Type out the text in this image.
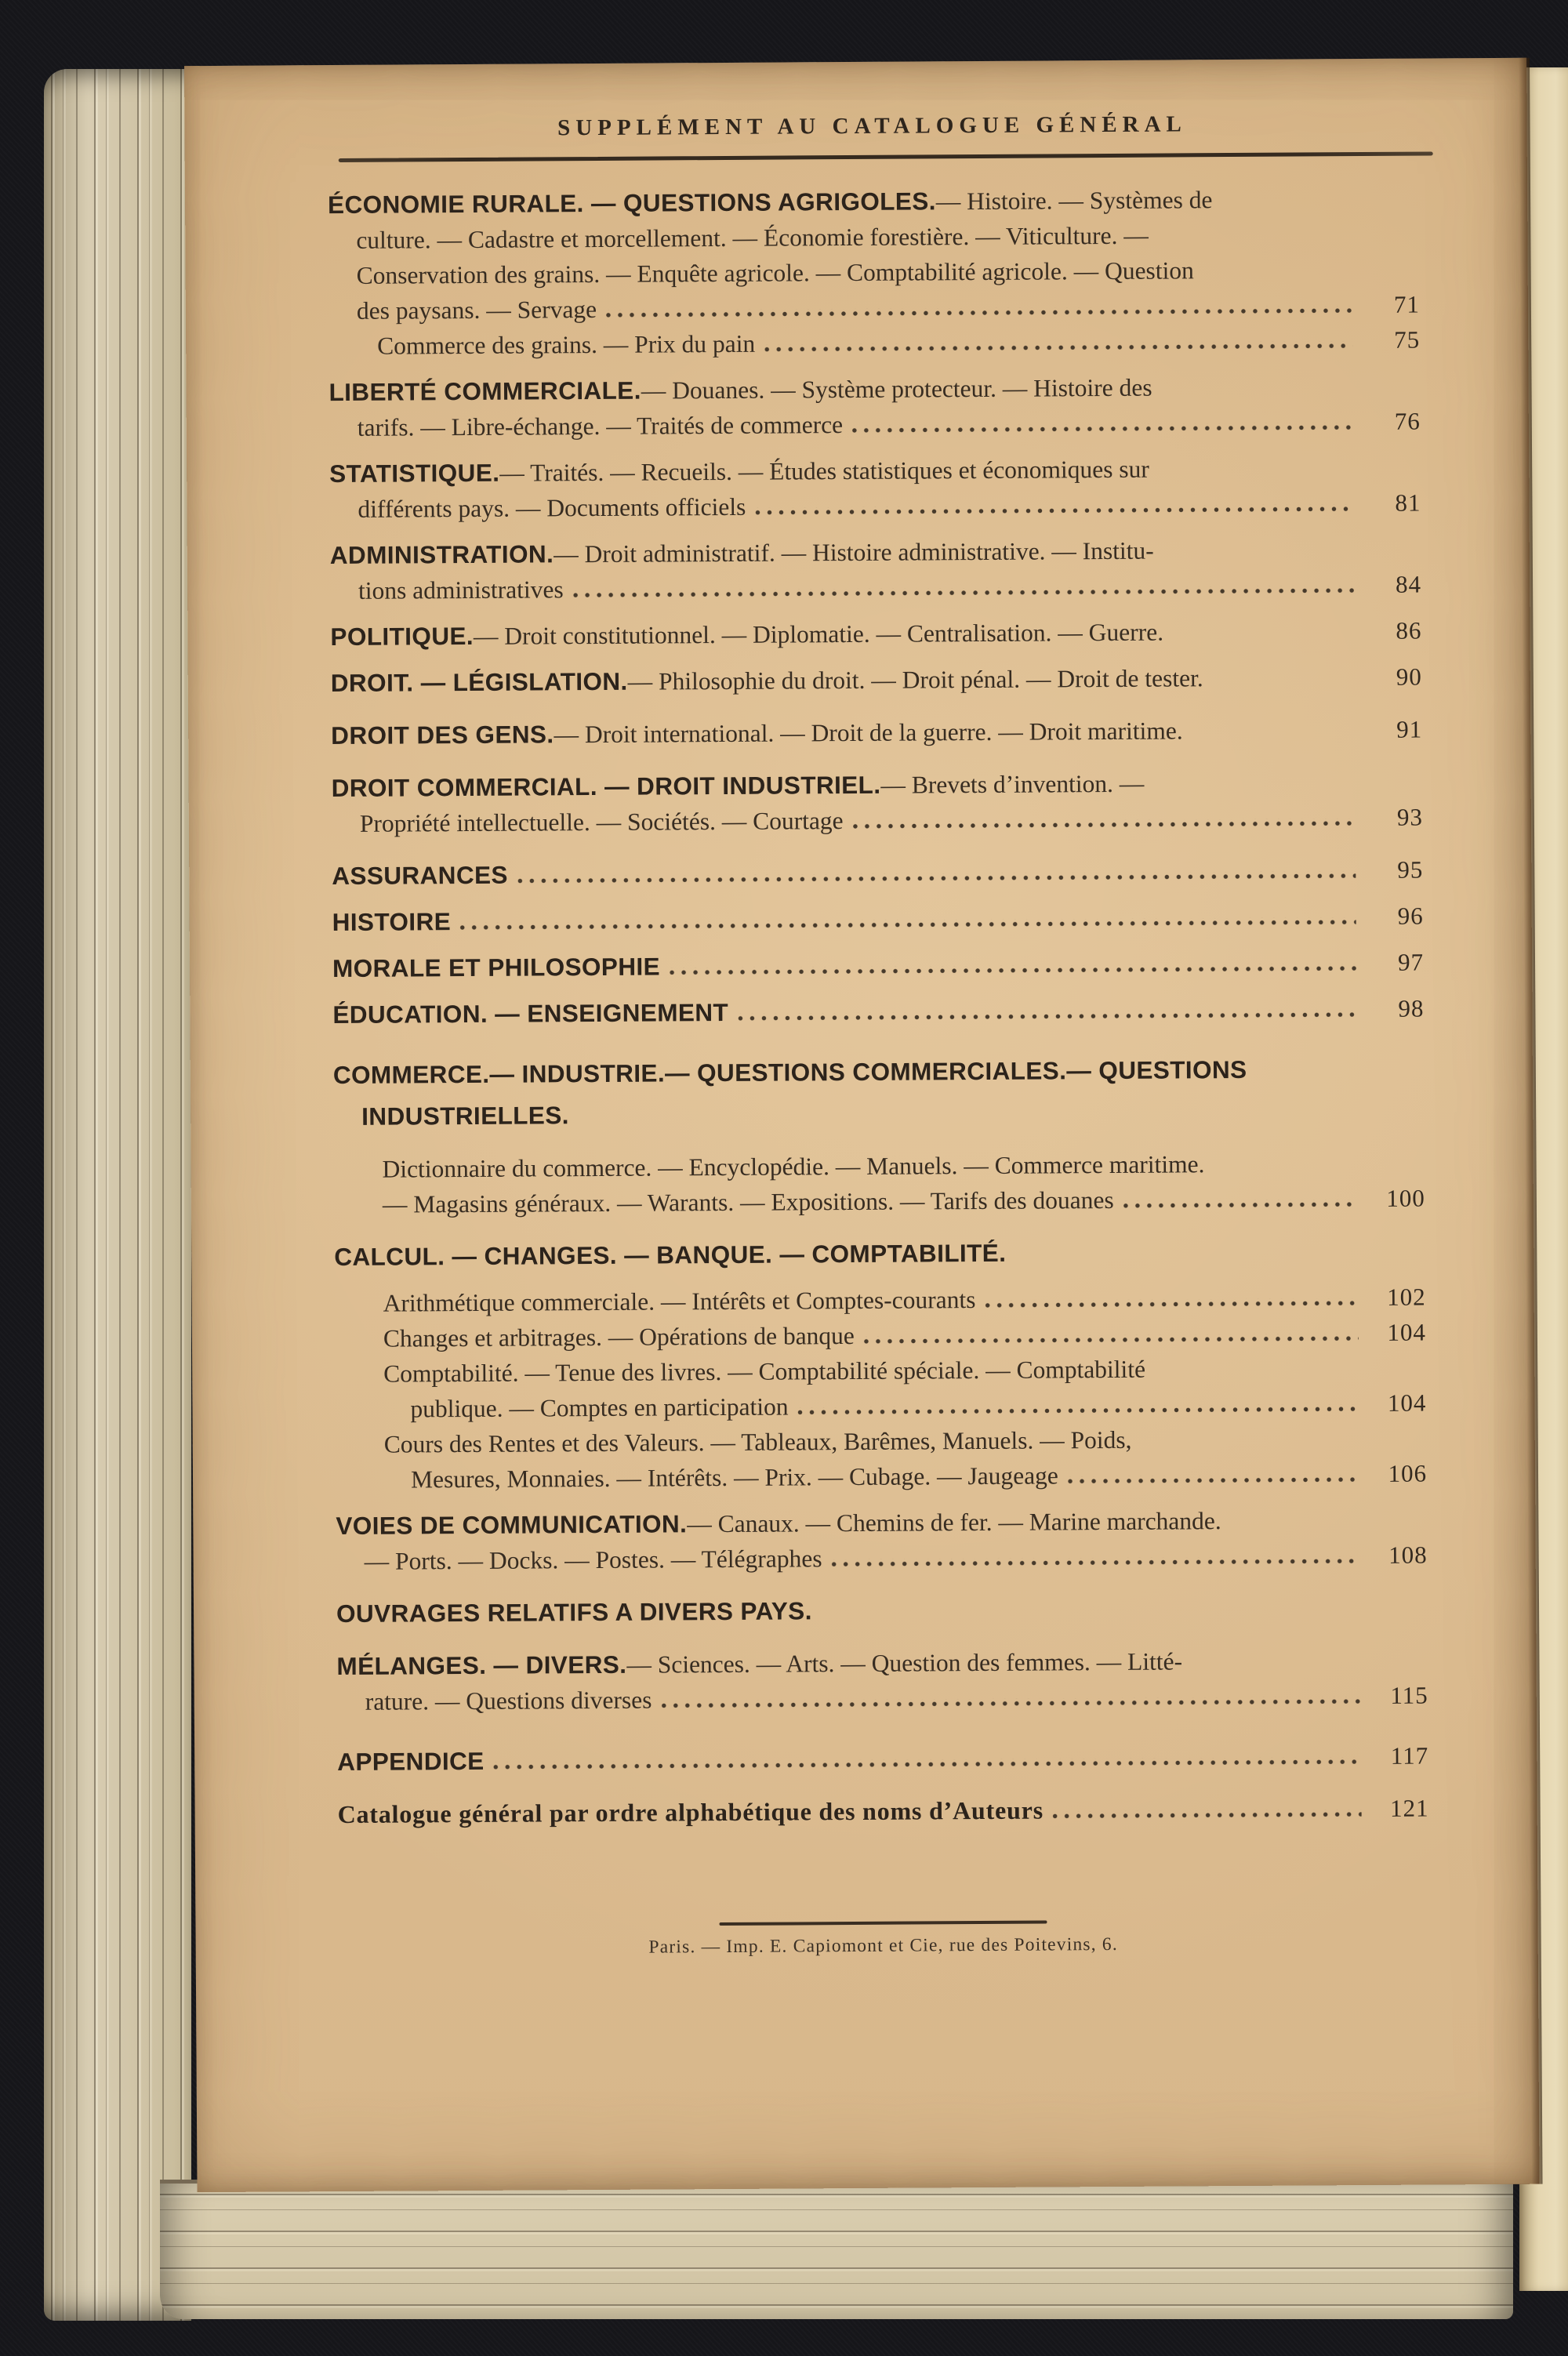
SUPPLÉMENT AU CATALOGUE GÉNÉRAL
ÉCONOMIE RURALE. — QUESTIONS AGRIGOLES. — Histoire. — Systèmes de
culture. — Cadastre et morcellement. — Économie forestière. — Viticulture. —
Conservation des grains. — Enquête agricole. — Comptabilité agricole. — Question
des paysans. — Servage	71
Commerce des grains. — Prix du pain	75
LIBERTÉ COMMERCIALE. — Douanes. — Système protecteur. — Histoire des
tarifs. — Libre-échange. — Traités de commerce	76
STATISTIQUE. — Traités. — Recueils. — Études statistiques et économiques sur
différents pays. — Documents officiels	81
ADMINISTRATION. — Droit administratif. — Histoire administrative. — Institu-
tions administratives	84
POLITIQUE. — Droit constitutionnel. — Diplomatie. — Centralisation. — Guerre.	86
DROIT. — LÉGISLATION. — Philosophie du droit. — Droit pénal. — Droit de tester.	90
DROIT DES GENS. — Droit international. — Droit de la guerre. — Droit maritime.	91
DROIT COMMERCIAL. — DROIT INDUSTRIEL. — Brevets d’invention. —
Propriété intellectuelle. — Sociétés. — Courtage	93
ASSURANCES	95
HISTOIRE	96
MORALE ET PHILOSOPHIE	97
ÉDUCATION. — ENSEIGNEMENT	98
COMMERCE.— INDUSTRIE.— QUESTIONS COMMERCIALES.— QUESTIONS
INDUSTRIELLES.
Dictionnaire du commerce. — Encyclopédie. — Manuels. — Commerce maritime.
— Magasins généraux. — Warants. — Expositions. — Tarifs des douanes	100
CALCUL. — CHANGES. — BANQUE. — COMPTABILITÉ.
Arithmétique commerciale. — Intérêts et Comptes-courants	102
Changes et arbitrages. — Opérations de banque	104
Comptabilité. — Tenue des livres. — Comptabilité spéciale. — Comptabilité
publique. — Comptes en participation	104
Cours des Rentes et des Valeurs. — Tableaux, Barêmes, Manuels. — Poids,
Mesures, Monnaies. — Intérêts. — Prix. — Cubage. — Jaugeage	106
VOIES DE COMMUNICATION. — Canaux. — Chemins de fer. — Marine marchande.
— Ports. — Docks. — Postes. — Télégraphes	108
OUVRAGES RELATIFS A DIVERS PAYS.
MÉLANGES. — DIVERS. — Sciences. — Arts. — Question des femmes. — Litté-
rature. — Questions diverses	115
APPENDICE	117
Catalogue général par ordre alphabétique des noms d’Auteurs	121
Paris. — Imp. E. Capiomont et Cie, rue des Poitevins, 6.
